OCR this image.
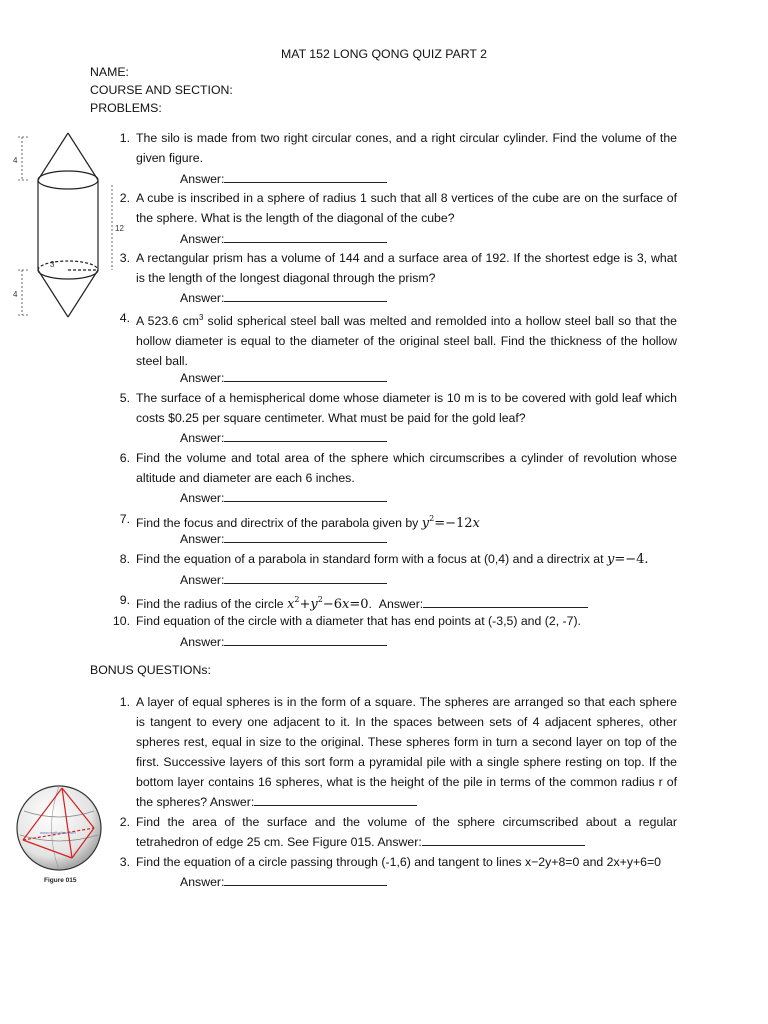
MAT 152 LONG QONG QUIZ PART 2
NAME:
COURSE AND SECTION:
PROBLEMS:
4
12
3
4
1. The silo is made from two right circular cones, and a right circular cylinder. Find the volume of the given figure.
Answer:
2. A cube is inscribed in a sphere of radius 1 such that all 8 vertices of the cube are on the surface of the sphere. What is the length of the diagonal of the cube?
Answer:
3. A rectangular prism has a volume of 144 and a surface area of 192. If the shortest edge is 3, what is the length of the longest diagonal through the prism?
Answer:
4. A 523.6 $cm^3$ solid spherical steel ball was melted and remolded into a hollow steel ball so that the hollow diameter is equal to the diameter of the original steel ball. Find the thickness of the hollow steel ball.
Answer:
5. The surface of a hemispherical dome whose diameter is 10 m is to be covered with gold leaf which costs $0.25 per square centimeter. What must be paid for the gold leaf?
Answer:
6. Find the volume and total area of the sphere which circumscribes a cylinder of revolution whose altitude and diameter are each 6 inches.
Answer:
7. Find the focus and directrix of the parabola given by $y^2=-12x$
Answer:
8. Find the equation of a parabola in standard form with a focus at (0,4) and a directrix at y=−4.
Answer:
9. Find the radius of the circle $x^2+y^2-6x=0$.  Answer:
10. Find equation of the circle with a diameter that has end points at (-3,5) and (2, -7).
Answer:
BONUS QUESTIONs:
1. A layer of equal spheres is in the form of a square. The spheres are arranged so that each sphere is tangent to every one adjacent to it. In the spaces between sets of 4 adjacent spheres, other spheres rest, equal in size to the original. These spheres form in turn a second layer on top of the first. Successive layers of this sort form a pyramidal pile with a single sphere resting on top. If the bottom layer contains 16 spheres, what is the height of the pile in terms of the common radius r of the spheres? Answer:
2. Find the area of the surface and the volume of the sphere circumscribed about a regular tetrahedron of edge 25 cm. See Figure 015. Answer:
3. Find the equation of a circle passing through (-1,6) and tangent to lines x−2y+8=0 and 2x+y+6=0
Answer:
www.mathalino.com
Figure 015
